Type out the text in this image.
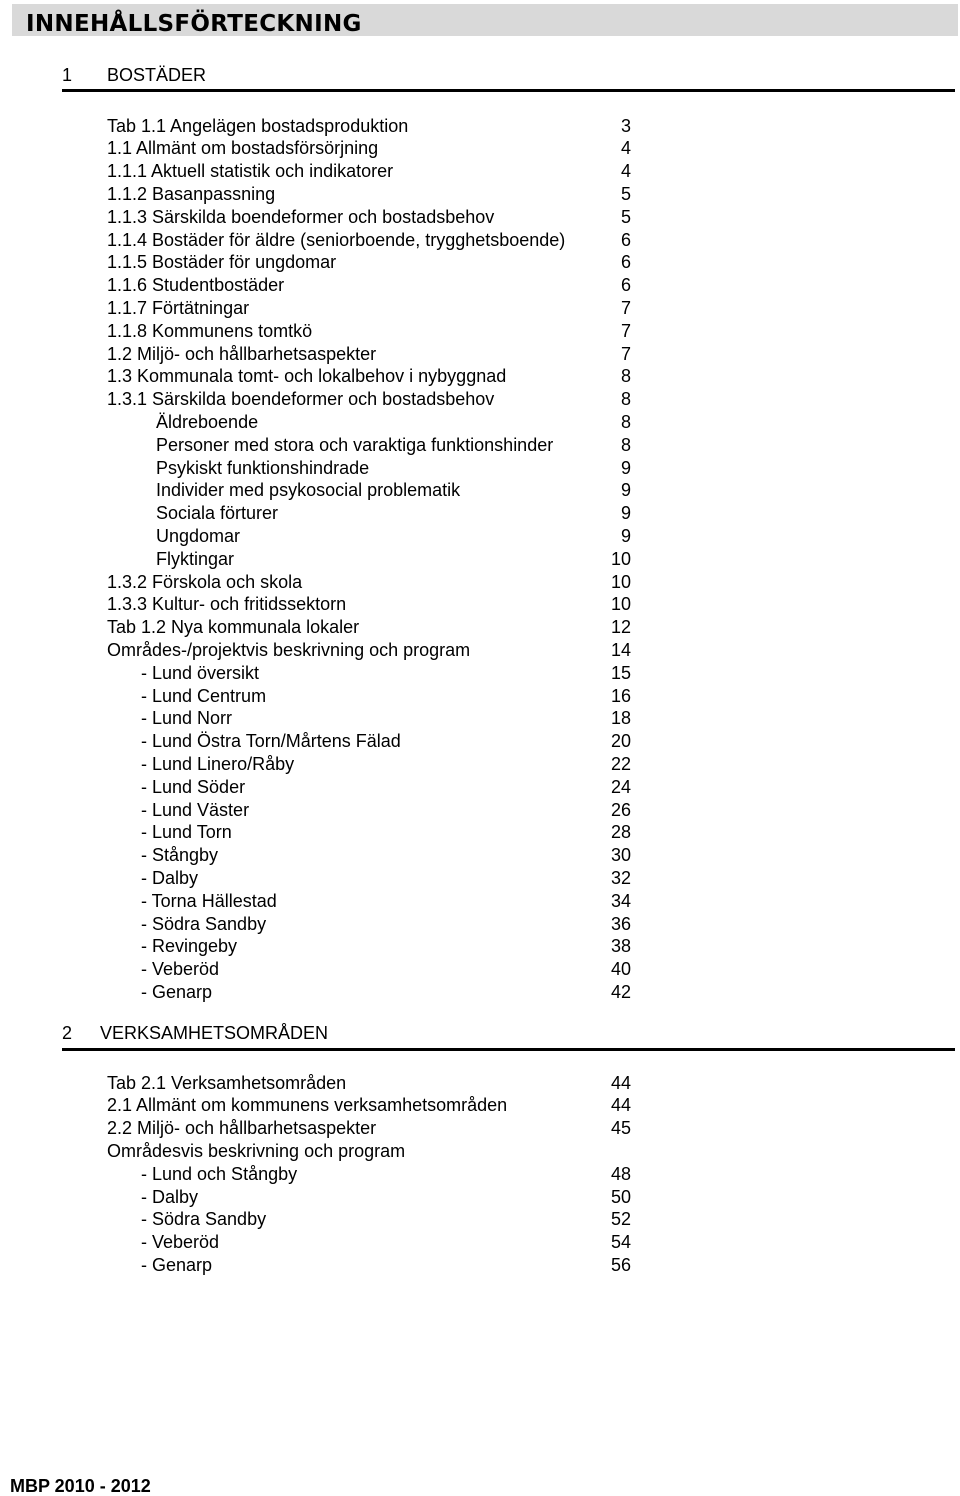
INNEHÅLLSFÖRTECKNING
1 BOSTÄDER
Tab 1.1 Angelägen bostadsproduktion	3
1.1 Allmänt om bostadsförsörjning	4
1.1.1 Aktuell statistik och indikatorer	4
1.1.2 Basanpassning	5
1.1.3 Särskilda boendeformer och bostadsbehov	5
1.1.4 Bostäder för äldre (seniorboende, trygghetsboende)	6
1.1.5 Bostäder för ungdomar	6
1.1.6 Studentbostäder	6
1.1.7 Förtätningar	7
1.1.8 Kommunens tomtkö	7
1.2 Miljö- och hållbarhetsaspekter	7
1.3 Kommunala tomt- och lokalbehov i nybyggnad	8
1.3.1 Särskilda boendeformer och bostadsbehov	8
Äldreboende	8
Personer med stora och varaktiga funktionshinder	8
Psykiskt funktionshindrade	9
Individer med psykosocial problematik	9
Sociala förturer	9
Ungdomar	9
Flyktingar	10
1.3.2 Förskola och skola	10
1.3.3 Kultur- och fritidssektorn	10
Tab 1.2 Nya kommunala lokaler	12
Områdes-/projektvis beskrivning och program	14
- Lund översikt	15
- Lund Centrum	16
- Lund Norr	18
- Lund Östra Torn/Mårtens Fälad	20
- Lund Linero/Råby	22
- Lund Söder	24
- Lund Väster	26
- Lund Torn	28
- Stångby	30
- Dalby	32
- Torna Hällestad	34
- Södra Sandby	36
- Revingeby	38
- Veberöd	40
- Genarp	42
2 VERKSAMHETSOMRÅDEN
Tab 2.1 Verksamhetsområden	44
2.1 Allmänt om kommunens verksamhetsområden	44
2.2 Miljö- och hållbarhetsaspekter	45
Områdesvis beskrivning och program
- Lund och Stångby	48
- Dalby	50
- Södra Sandby	52
- Veberöd	54
- Genarp	56
MBP 2010 - 2012
